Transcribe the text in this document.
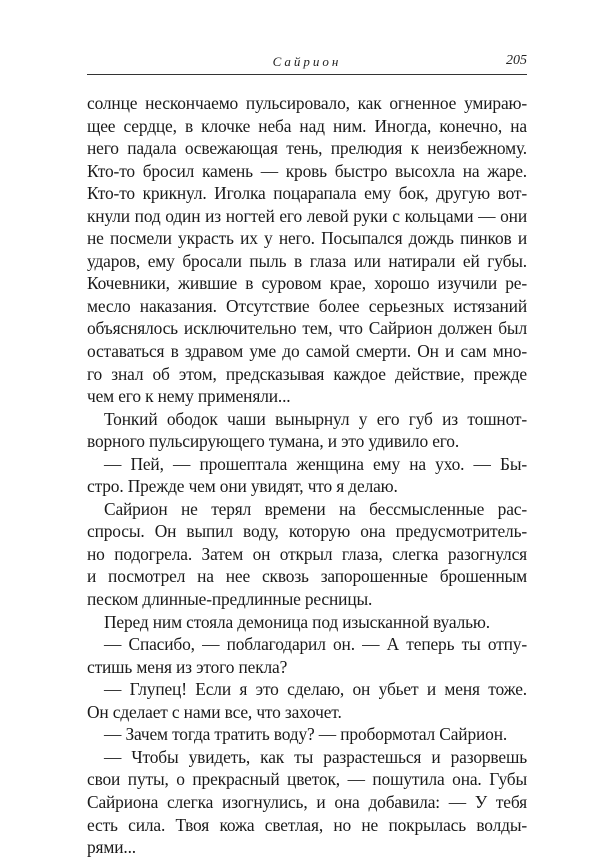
Сайрион	205
солнце нескончаемо пульсировало, как огненное умираю-
щее сердце, в клочке неба над ним. Иногда, конечно, на
него падала освежающая тень, прелюдия к неизбежному.
Кто-то бросил камень — кровь быстро высохла на жаре.
Кто-то крикнул. Иголка поцарапала ему бок, другую вот-
кнули под один из ногтей его левой руки с кольцами — они
не посмели украсть их у него. Посыпался дождь пинков и
ударов, ему бросали пыль в глаза или натирали ей губы.
Кочевники, жившие в суровом крае, хорошо изучили ре-
месло наказания. Отсутствие более серьезных истязаний
объяснялось исключительно тем, что Сайрион должен был
оставаться в здравом уме до самой смерти. Он и сам мно-
го знал об этом, предсказывая каждое действие, прежде
чем его к нему применяли...
Тонкий ободок чаши вынырнул у его губ из тошнот-
ворного пульсирующего тумана, и это удивило его.
— Пей, — прошептала женщина ему на ухо. — Бы-
стро. Прежде чем они увидят, что я делаю.
Сайрион не терял времени на бессмысленные рас-
спросы. Он выпил воду, которую она предусмотритель-
но подогрела. Затем он открыл глаза, слегка разогнулся
и посмотрел на нее сквозь запорошенные брошенным
песком длинные-предлинные ресницы.
Перед ним стояла демоница под изысканной вуалью.
— Спасибо, — поблагодарил он. — А теперь ты отпу-
стишь меня из этого пекла?
— Глупец! Если я это сделаю, он убьет и меня тоже.
Он сделает с нами все, что захочет.
— Зачем тогда тратить воду? — пробормотал Сайрион.
— Чтобы увидеть, как ты разрастешься и разорвешь
свои путы, о прекрасный цветок, — пошутила она. Губы
Сайриона слегка изогнулись, и она добавила: — У тебя
есть сила. Твоя кожа светлая, но не покрылась волды-
рями...
